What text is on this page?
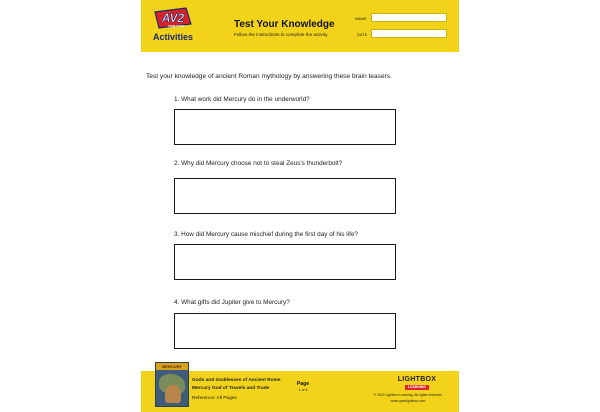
AV2
ANIMATION
Activities
Test Your Knowledge
Follow the instructions to complete the activity.
NAME
DATE
Test your knowledge of ancient Roman mythology by answering these brain teasers.
1. What work did Mercury do in the underworld?
2. Why did Mercury choose not to steal Zeus's thunderbolt?
3. How did Mercury cause mischief during the first day of his life?
4. What gifts did Jupiter give to Mercury?
MERCURY
Gods and Goddesses of Ancient Rome
Mercury God of Travels and Trade
Reference: All Pages
Page
1 of 4
LIGHTBOX
LEARNING
© 2022 Lightbox Learning. All rights reserved.
www.openlightbox.com
